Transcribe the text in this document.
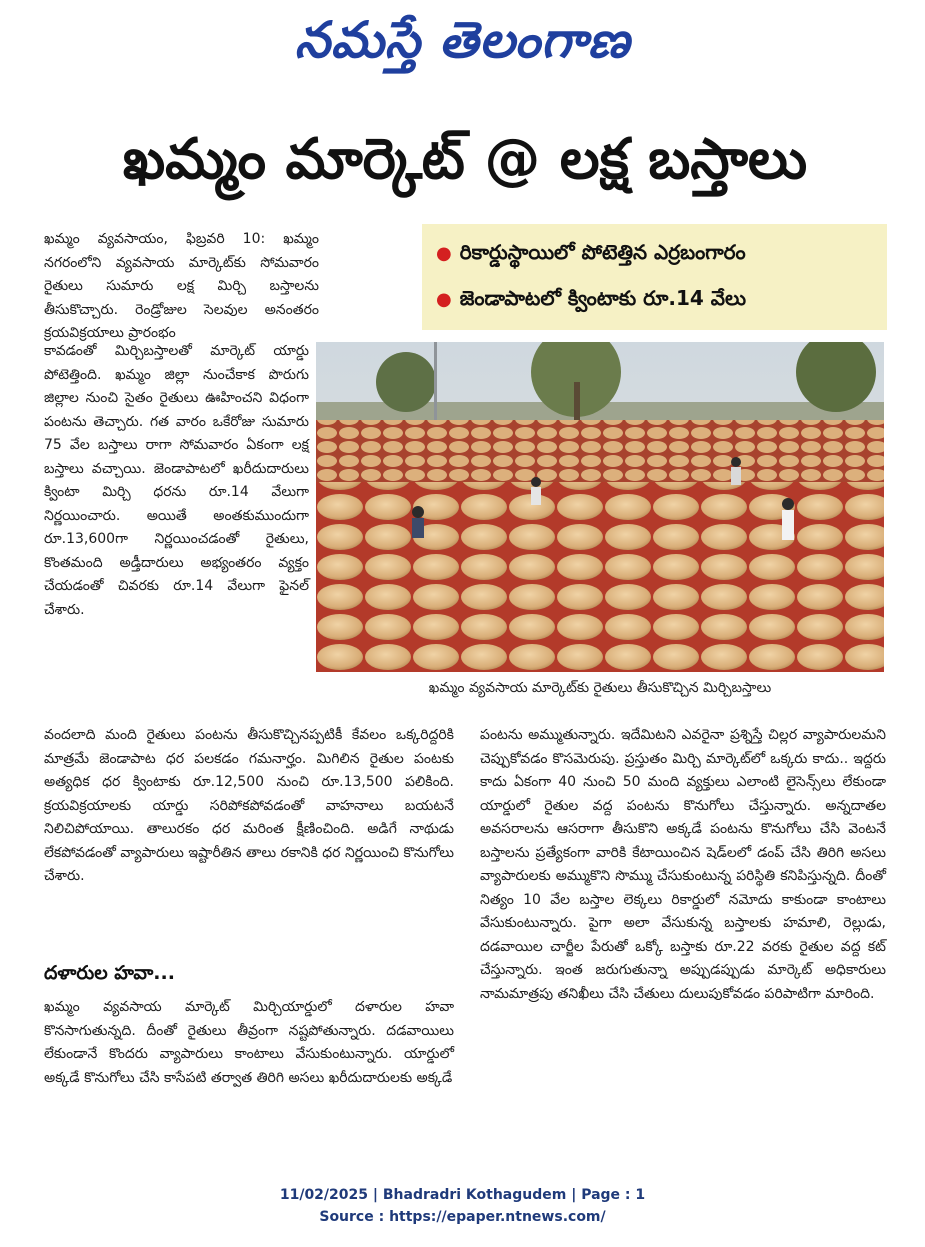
నమస్తే తెలంగాణ
ఖమ్మం మార్కెట్ @ లక్ష బస్తాలు

ఖమ్మం వ్యవసాయం, ఫిబ్రవరి 10: ఖమ్మం నగరంలోని వ్యవసాయ మార్కెట్‌కు సోమవారం రైతులు సుమారు లక్ష మిర్చి బస్తాలను తీసుకొచ్చారు. రెండ్రోజుల సెలవుల అనంతరం క్రయవిక్రయాలు ప్రారంభం

● రికార్డుస్థాయిలో పోటెత్తిన ఎర్రబంగారం
● జెండాపాటలో క్వింటాకు రూ.14 వేలు

కావడంతో మిర్చిబస్తాలతో మార్కెట్ యార్డు పోటెత్తింది. ఖమ్మం జిల్లా నుంచేకాక పొరుగు జిల్లాల నుంచి సైతం రైతులు ఊహించని విధంగా పంటను తెచ్చారు. గత వారం ఒకేరోజు సుమారు 75 వేల బస్తాలు రాగా సోమవారం ఏకంగా లక్ష బస్తాలు వచ్చాయి. జెండాపాటలో ఖరీదుదారులు క్వింటా మిర్చి ధరను రూ.14 వేలుగా నిర్ణయించారు. అయితే అంతకుముందుగా రూ.13,600గా నిర్ణయించడంతో రైతులు, కొంతమంది అడ్తీదారులు అభ్యంతరం వ్యక్తం చేయడంతో చివరకు రూ.14 వేలుగా ఫైనల్ చేశారు.

ఖమ్మం వ్యవసాయ మార్కెట్‌కు రైతులు తీసుకొచ్చిన మిర్చిబస్తాలు

వందలాది మంది రైతులు పంటను తీసుకొచ్చినప్పటికీ కేవలం ఒక్కరిద్దరికి మాత్రమే జెండాపాట ధర పలకడం గమనార్హం. మిగిలిన రైతుల పంటకు అత్యధిక ధర క్వింటాకు రూ.12,500 నుంచి రూ.13,500 పలికింది. క్రయవిక్రయాలకు యార్డు సరిపోకపోవడంతో వాహనాలు బయటనే నిలిచిపోయాయి. తాలురకం ధర మరింత క్షీణించింది. అడిగే నాథుడు లేకపోవడంతో వ్యాపారులు ఇష్టారీతిన తాలు రకానికి ధర నిర్ణయించి కొనుగోలు చేశారు.

దళారుల హవా...

ఖమ్మం వ్యవసాయ మార్కెట్ మిర్చియార్డులో దళారుల హవా కొనసాగుతున్నది. దీంతో రైతులు తీవ్రంగా నష్టపోతున్నారు. దడవాయిలు లేకుండానే కొందరు వ్యాపారులు కాంటాలు వేసుకుంటున్నారు. యార్డులో అక్కడే కొనుగోలు చేసి కాసేపటి తర్వాత తిరిగి అసలు ఖరీదుదారులకు అక్కడే

పంటను అమ్ముతున్నారు. ఇదేమిటని ఎవరైనా ప్రశ్నిస్తే చిల్లర వ్యాపారులమని చెప్పుకోవడం కొసమెరుపు. ప్రస్తుతం మిర్చి మార్కెట్‌లో ఒక్కరు కాదు.. ఇద్దరు కాదు ఏకంగా 40 నుంచి 50 మంది వ్యక్తులు ఎలాంటి లైసెన్స్‌లు లేకుండా యార్డులో రైతుల వద్ద పంటను కొనుగోలు చేస్తున్నారు. అన్నదాతల అవసరాలను ఆసరాగా తీసుకొని అక్కడే పంటను కొనుగోలు చేసి వెంటనే బస్తాలను ప్రత్యేకంగా వారికి కేటాయించిన షెడ్‌లలో డంప్ చేసి తిరిగి అసలు వ్యాపారులకు అమ్ముకొని సొమ్ము చేసుకుంటున్న పరిస్థితి కనిపిస్తున్నది. దీంతో నిత్యం 10 వేల బస్తాల లెక్కలు రికార్డులో నమోదు కాకుండా కాంటాలు వేసుకుంటున్నారు. పైగా అలా వేసుకున్న బస్తాలకు హమాలి, రెల్లుడు, దడవాయిల చార్జీల పేరుతో ఒక్కో బస్తాకు రూ.22 వరకు రైతుల వద్ద కట్ చేస్తున్నారు. ఇంత జరుగుతున్నా అప్పుడప్పుడు మార్కెట్ అధికారులు నామమాత్రపు తనిఖీలు చేసి చేతులు దులుపుకోవడం పరిపాటిగా మారింది.

11/02/2025 | Bhadradri Kothagudem | Page : 1
Source : https://epaper.ntnews.com/
